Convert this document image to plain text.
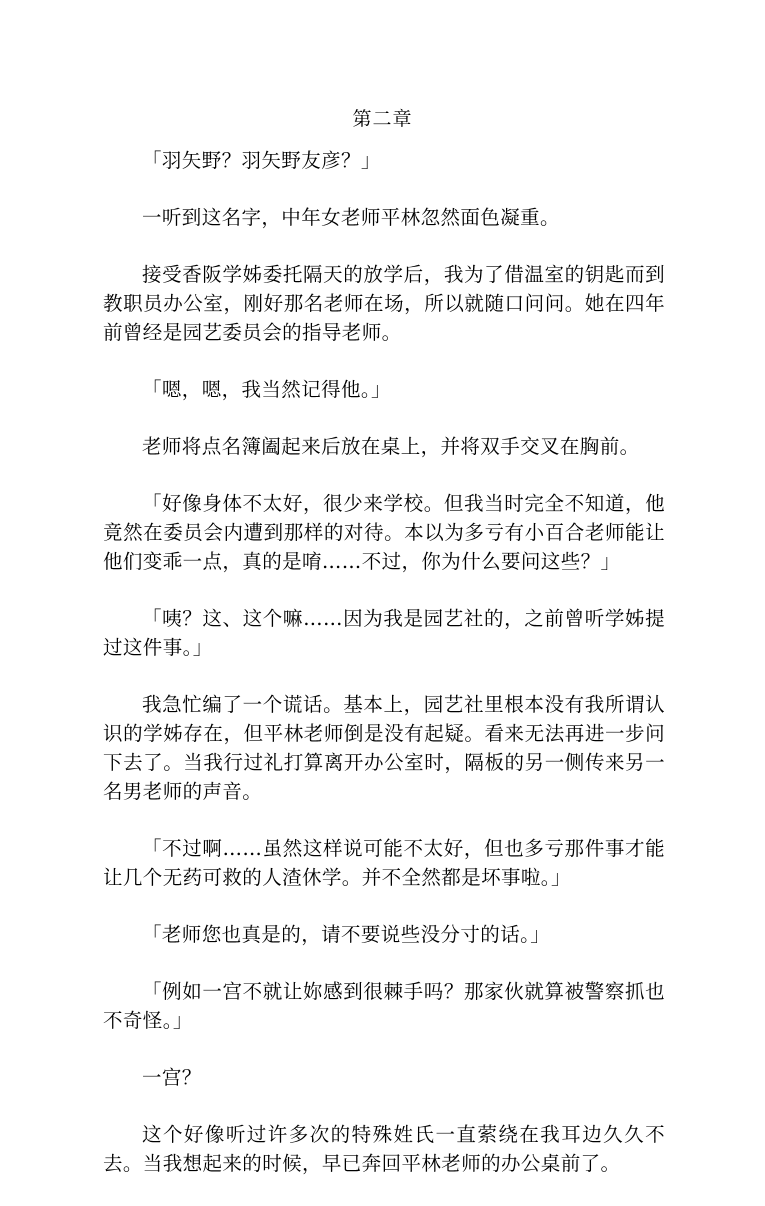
第二章

「羽矢野？羽矢野友彦？」

一听到这名字，中年女老师平林忽然面色凝重。

接受香阪学姊委托隔天的放学后，我为了借温室的钥匙而到教职员办公室，刚好那名老师在场，所以就随口问问。她在四年前曾经是园艺委员会的指导老师。

「嗯，嗯，我当然记得他。」

老师将点名簿阖起来后放在桌上，并将双手交叉在胸前。

「好像身体不太好，很少来学校。但我当时完全不知道，他竟然在委员会内遭到那样的对待。本以为多亏有小百合老师能让他们变乖一点，真的是唷……不过，你为什么要问这些？」

「咦？这、这个嘛……因为我是园艺社的，之前曾听学姊提过这件事。」

我急忙编了一个谎话。基本上，园艺社里根本没有我所谓认识的学姊存在，但平林老师倒是没有起疑。看来无法再进一步问下去了。当我行过礼打算离开办公室时，隔板的另一侧传来另一名男老师的声音。

「不过啊……虽然这样说可能不太好，但也多亏那件事才能让几个无药可救的人渣休学。并不全然都是坏事啦。」

「老师您也真是的，请不要说些没分寸的话。」

「例如一宫不就让妳感到很棘手吗？那家伙就算被警察抓也不奇怪。」

一宫？

这个好像听过许多次的特殊姓氏一直萦绕在我耳边久久不去。当我想起来的时候，早已奔回平林老师的办公桌前了。
